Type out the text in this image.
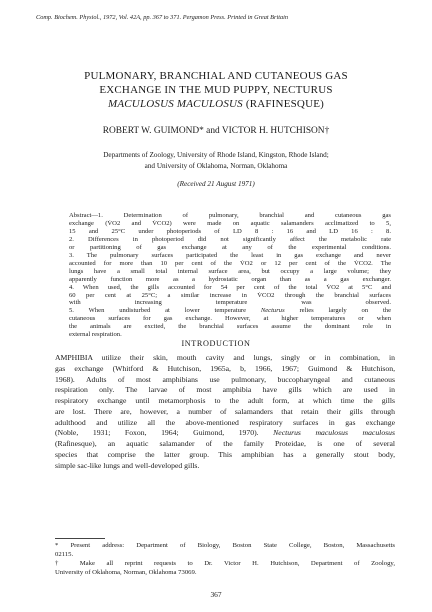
Comp. Biochem. Physiol., 1972, Vol. 42A, pp. 367 to 371. Pergamon Press. Printed in Great Britain
PULMONARY, BRANCHIAL AND CUTANEOUS GAS
EXCHANGE IN THE MUD PUPPY, NECTURUS
MACULOSUS MACULOSUS (RAFINESQUE)
ROBERT W. GUIMOND* and VICTOR H. HUTCHISON†
Departments of Zoology, University of Rhode Island, Kingston, Rhode Island;
and University of Oklahoma, Norman, Oklahoma
(Received 21 August 1971)
Abstract—1. Determination of pulmonary, branchial and cutaneous gas
exchange (V̇O2 and V̇CO2) were made on aquatic salamanders acclimatized to 5,
15 and 25°C under photoperiods of LD 8 : 16 and LD 16 : 8.
2. Differences in photoperiod did not significantly affect the metabolic rate
or partitioning of gas exchange at any of the experimental conditions.
3. The pulmonary surfaces participated the least in gas exchange and never
accounted for more than 10 per cent of the V̇O2 or 12 per cent of the V̇CO2. The
lungs have a small total internal surface area, but occupy a large volume; they
apparently function more as a hydrostatic organ than as a gas exchanger.
4. When used, the gills accounted for 54 per cent of the total V̇O2 at 5°C and
60 per cent at 25°C; a similar increase in V̇CO2 through the branchial surfaces
with increasing temperature was observed.
5. When undisturbed at lower temperature Necturus relies largely on the
cutaneous surfaces for gas exchange. However, at higher temperatures or when
the animals are excited, the branchial surfaces assume the dominant role in
external respiration.
INTRODUCTION
AMPHIBIA utilize their skin, mouth cavity and lungs, singly or in combination, in
gas exchange (Whitford & Hutchison, 1965a, b, 1966, 1967; Guimond & Hutchison,
1968). Adults of most amphibians use pulmonary, buccopharyngeal and cutaneous
respiration only. The larvae of most amphibia have gills which are used in
respiratory exchange until metamorphosis to the adult form, at which time the gills
are lost. There are, however, a number of salamanders that retain their gills through
adulthood and utilize all the above-mentioned respiratory surfaces in gas exchange
(Noble, 1931; Foxon, 1964; Guimond, 1970). Necturus maculosus maculosus
(Rafinesque), an aquatic salamander of the family Proteidae, is one of several
species that comprise the latter group. This amphibian has a generally stout body,
simple sac-like lungs and well-developed gills.
* Present address: Department of Biology, Boston State College, Boston, Massachusetts
02115.
† Make all reprint requests to Dr. Victor H. Hutchison, Department of Zoology,
University of Oklahoma, Norman, Oklahoma 73069.
367
